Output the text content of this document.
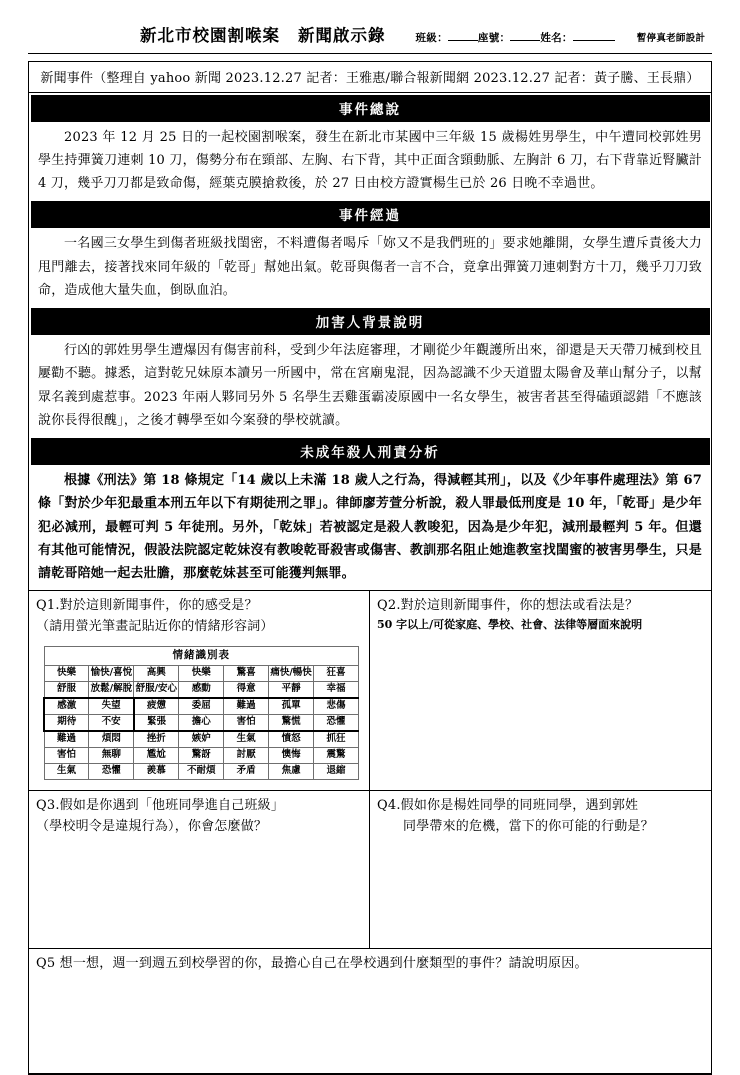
新北市校園割喉案 新聞啟示錄	班級：	座號：	姓名：	暫停真老師設計
新聞事件（整理自 yahoo 新聞 2023.12.27 記者：王雅惠/聯合報新聞網 2023.12.27 記者：黃子騰、王長鼎）
事件總說
2023 年 12 月 25 日的一起校園割喉案，發生在新北市某國中三年級 15 歲楊姓男學生，中午遭同校郭姓男學生持彈簧刀連刺 10 刀，傷勢分布在頸部、左胸、右下背，其中正面含頸動脈、左胸計 6 刀，右下背靠近腎臟計 4 刀，幾乎刀刀都是致命傷，經葉克膜搶救後，於 27 日由校方證實楊生已於 26 日晚不幸過世。
事件經過
一名國三女學生到傷者班級找閨密，不料遭傷者喝斥「妳又不是我們班的」要求她離開，女學生遭斥責後大力甩門離去，接著找來同年級的「乾哥」幫她出氣。乾哥與傷者一言不合，竟拿出彈簧刀連刺對方十刀，幾乎刀刀致命，造成他大量失血，倒臥血泊。
加害人背景說明
行凶的郭姓男學生遭爆因有傷害前科，受到少年法庭審理，才剛從少年觀護所出來，卻還是天天帶刀械到校且屢勸不聽。據悉，這對乾兄妹原本讀另一所國中，常在宮廟鬼混，因為認識不少天道盟太陽會及華山幫分子，以幫眾名義到處惹事。2023 年兩人夥同另外 5 名學生丟雞蛋霸凌原國中一名女學生，被害者甚至得磕頭認錯「不應該說你長得很醜」，之後才轉學至如今案發的學校就讀。
未成年殺人刑責分析
根據《刑法》第 18 條規定「14 歲以上未滿 18 歲人之行為，得減輕其刑」，以及《少年事件處理法》第 67 條「對於少年犯最重本刑五年以下有期徒刑之罪」。律師廖芳萱分析說，殺人罪最低刑度是 10 年，「乾哥」是少年犯必減刑，最輕可判 5 年徒刑。另外，「乾妹」若被認定是殺人教唆犯，因為是少年犯，減刑最輕判 5 年。但還有其他可能情況，假設法院認定乾妹沒有教唆乾哥殺害或傷害、教訓那名阻止她進教室找閨蜜的被害男學生，只是請乾哥陪她一起去壯膽，那麼乾妹甚至可能獲判無罪。
Q1.對於這則新聞事件，你的感受是？
（請用螢光筆畫記貼近你的情緒形容詞）
情緒識別表						
快樂	愉快/喜悅	高興	快樂	驚喜	痛快/暢快	狂喜
舒服	放鬆/解脫	舒服/安心	感動	得意	平靜	幸福
感激	失望	疲憊	委屈	難過	孤單	悲傷
期待	不安	緊張	擔心	害怕	驚慌	恐懼
難過	煩悶	挫折	嫉妒	生氣	憤怒	抓狂
害怕	無聊	尷尬	驚訝	討厭	懊悔	震驚
生氣	恐懼	羨慕	不耐煩	矛盾	焦慮	退縮
Q2.對於這則新聞事件，你的想法或看法是？
50 字以上/可從家庭、學校、社會、法律等層面來說明
Q3.假如是你遇到「他班同學進自己班級」
（學校明令是違規行為），你會怎麼做？
Q4.假如你是楊姓同學的同班同學，遇到郭姓
同學帶來的危機，當下的你可能的行動是？
Q5 想一想，週一到週五到校學習的你，最擔心自己在學校遇到什麼類型的事件？請說明原因。
